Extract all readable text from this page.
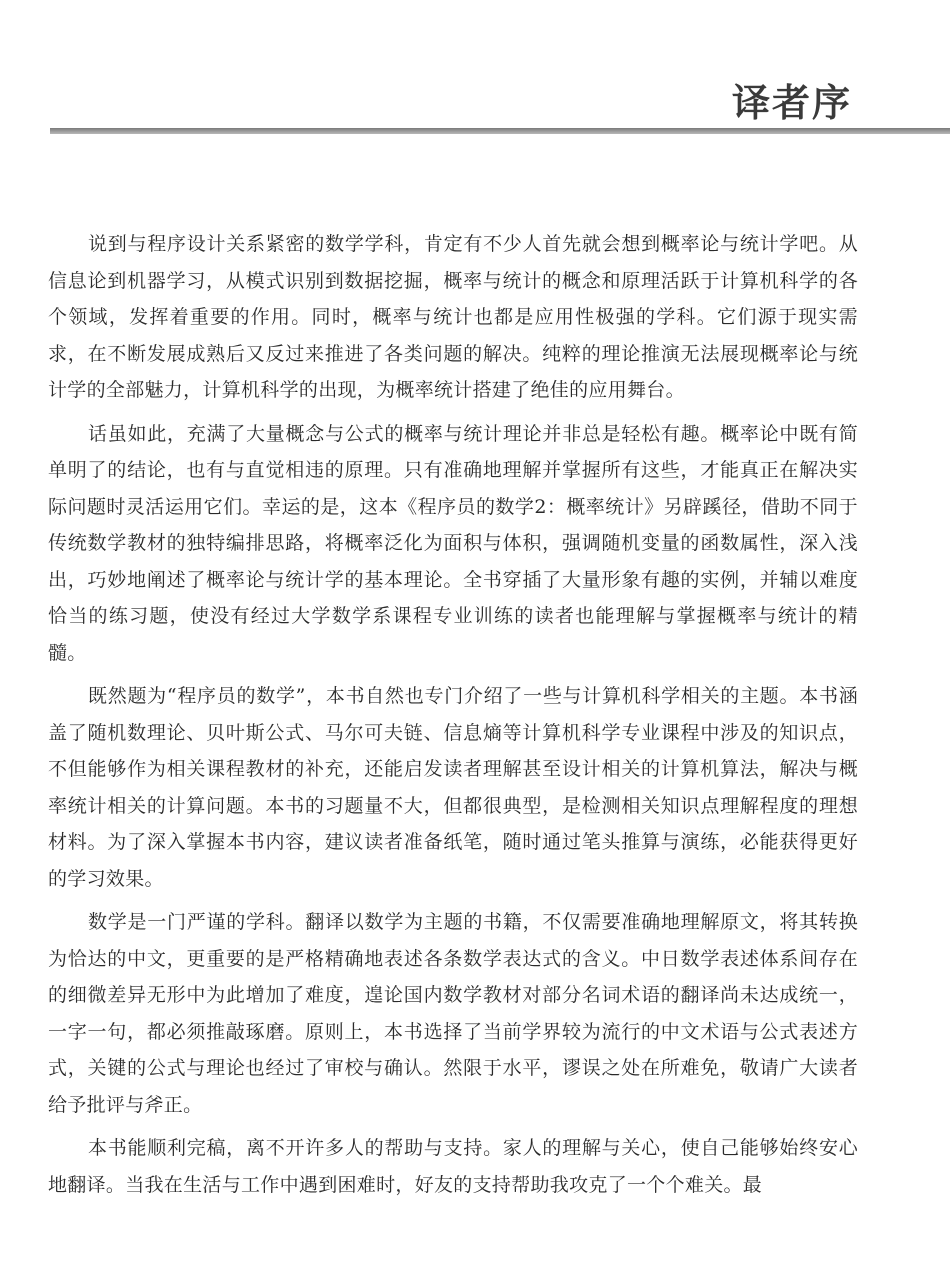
译者序

说到与程序设计关系紧密的数学学科，肯定有不少人首先就会想到概率论与统计学吧。从信息论到机器学习，从模式识别到数据挖掘，概率与统计的概念和原理活跃于计算机科学的各个领域，发挥着重要的作用。同时，概率与统计也都是应用性极强的学科。它们源于现实需求，在不断发展成熟后又反过来推进了各类问题的解决。纯粹的理论推演无法展现概率论与统计学的全部魅力，计算机科学的出现，为概率统计搭建了绝佳的应用舞台。

话虽如此，充满了大量概念与公式的概率与统计理论并非总是轻松有趣。概率论中既有简单明了的结论，也有与直觉相违的原理。只有准确地理解并掌握所有这些，才能真正在解决实际问题时灵活运用它们。幸运的是，这本《程序员的数学2：概率统计》另辟蹊径，借助不同于传统数学教材的独特编排思路，将概率泛化为面积与体积，强调随机变量的函数属性，深入浅出，巧妙地阐述了概率论与统计学的基本理论。全书穿插了大量形象有趣的实例，并辅以难度恰当的练习题，使没有经过大学数学系课程专业训练的读者也能理解与掌握概率与统计的精髓。

既然题为“程序员的数学”，本书自然也专门介绍了一些与计算机科学相关的主题。本书涵盖了随机数理论、贝叶斯公式、马尔可夫链、信息熵等计算机科学专业课程中涉及的知识点，不但能够作为相关课程教材的补充，还能启发读者理解甚至设计相关的计算机算法，解决与概率统计相关的计算问题。本书的习题量不大，但都很典型，是检测相关知识点理解程度的理想材料。为了深入掌握本书内容，建议读者准备纸笔，随时通过笔头推算与演练，必能获得更好的学习效果。

数学是一门严谨的学科。翻译以数学为主题的书籍，不仅需要准确地理解原文，将其转换为恰达的中文，更重要的是严格精确地表述各条数学表达式的含义。中日数学表述体系间存在的细微差异无形中为此增加了难度，遑论国内数学教材对部分名词术语的翻译尚未达成统一，一字一句，都必须推敲琢磨。原则上，本书选择了当前学界较为流行的中文术语与公式表述方式，关键的公式与理论也经过了审校与确认。然限于水平，谬误之处在所难免，敬请广大读者给予批评与斧正。

本书能顺利完稿，离不开许多人的帮助与支持。家人的理解与关心，使自己能够始终安心地翻译。当我在生活与工作中遇到困难时，好友的支持帮助我攻克了一个个难关。最
